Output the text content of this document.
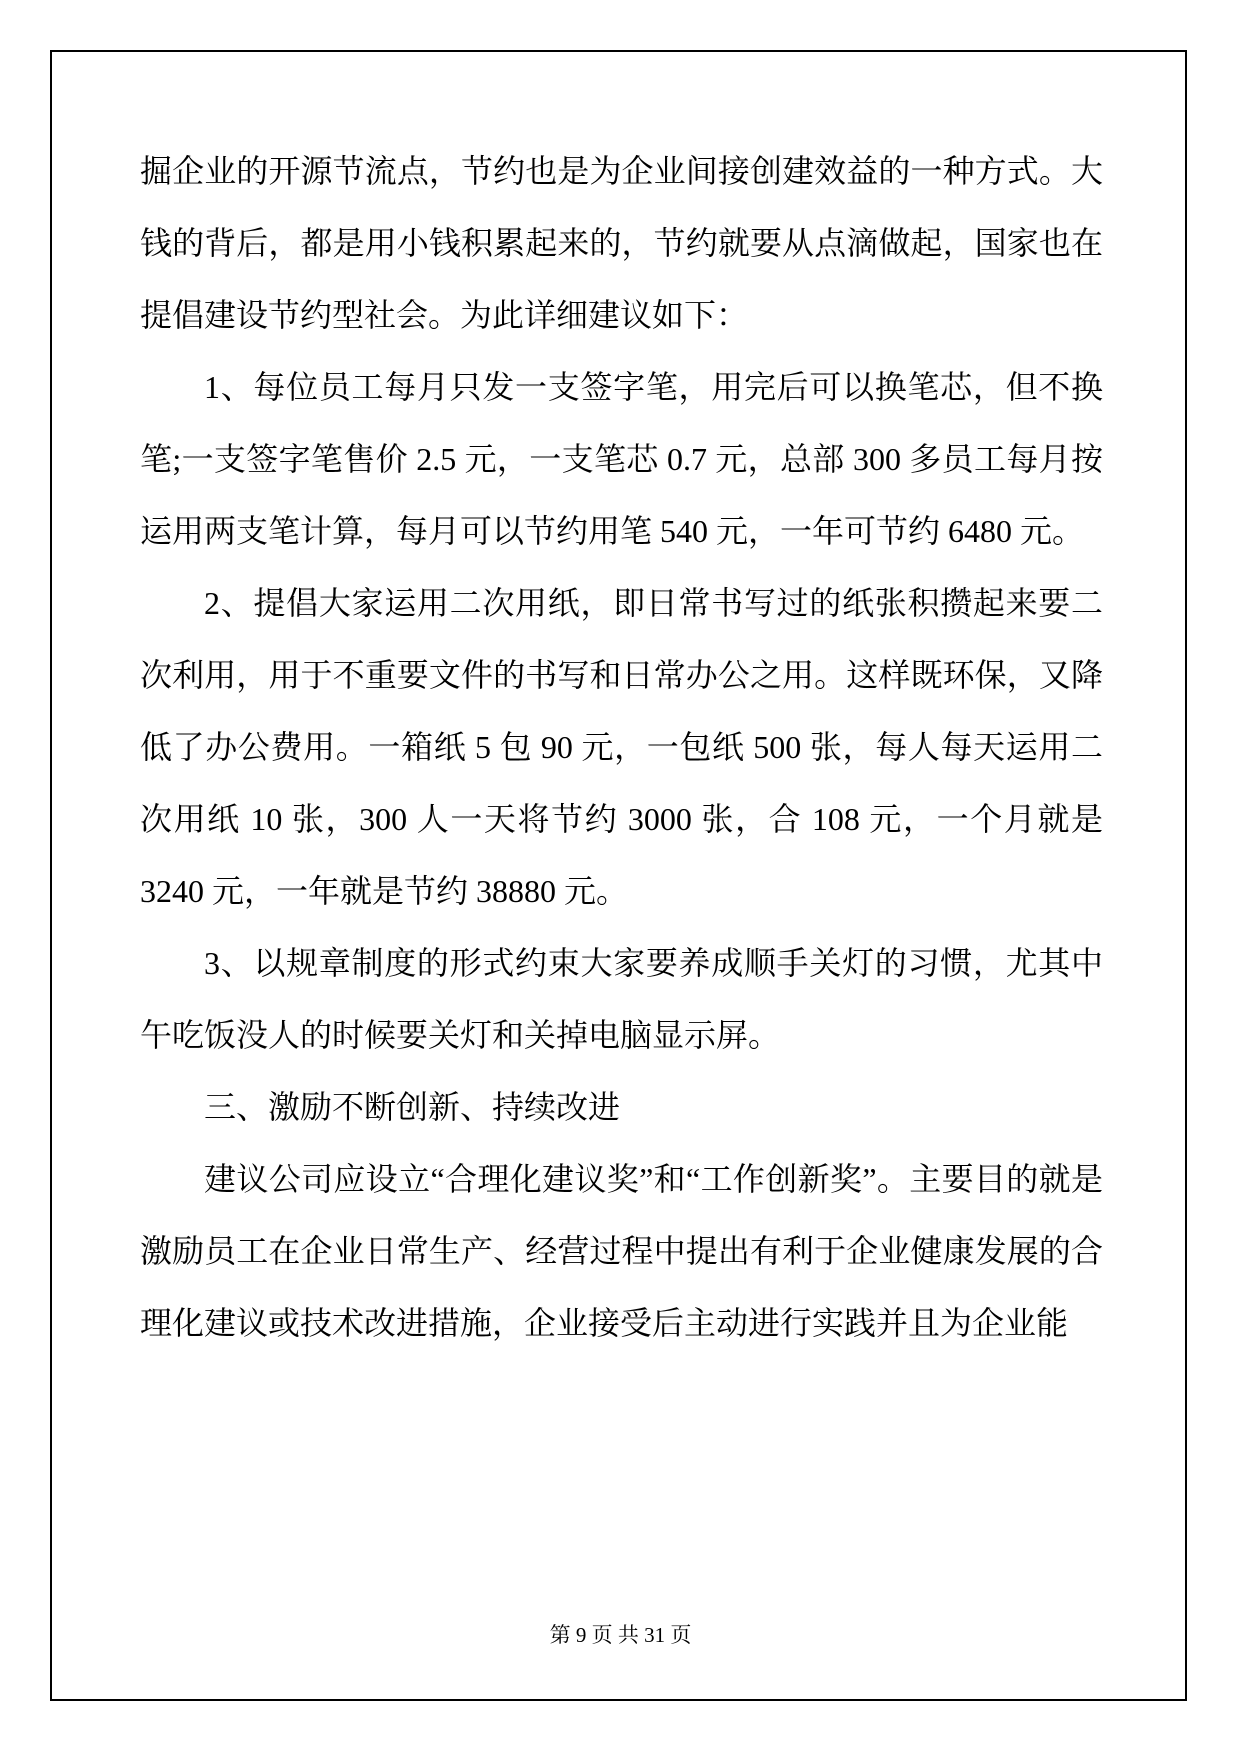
掘企业的开源节流点，节约也是为企业间接创建效益的一种方式。大钱的背后，都是用小钱积累起来的，节约就要从点滴做起，国家也在提倡建设节约型社会。为此详细建议如下：

1、每位员工每月只发一支签字笔，用完后可以换笔芯，但不换笔;一支签字笔售价 2.5 元，一支笔芯 0.7 元，总部 300 多员工每月按运用两支笔计算，每月可以节约用笔 540 元，一年可节约 6480 元。

2、提倡大家运用二次用纸，即日常书写过的纸张积攒起来要二次利用，用于不重要文件的书写和日常办公之用。这样既环保，又降低了办公费用。一箱纸 5 包 90 元，一包纸 500 张，每人每天运用二次用纸 10 张，300 人一天将节约 3000 张，合 108 元，一个月就是 3240 元，一年就是节约 38880 元。

3、以规章制度的形式约束大家要养成顺手关灯的习惯，尤其中午吃饭没人的时候要关灯和关掉电脑显示屏。

三、激励不断创新、持续改进

建议公司应设立“合理化建议奖”和“工作创新奖”。主要目的就是激励员工在企业日常生产、经营过程中提出有利于企业健康发展的合理化建议或技术改进措施，企业接受后主动进行实践并且为企业能

第 9 页 共 31 页
